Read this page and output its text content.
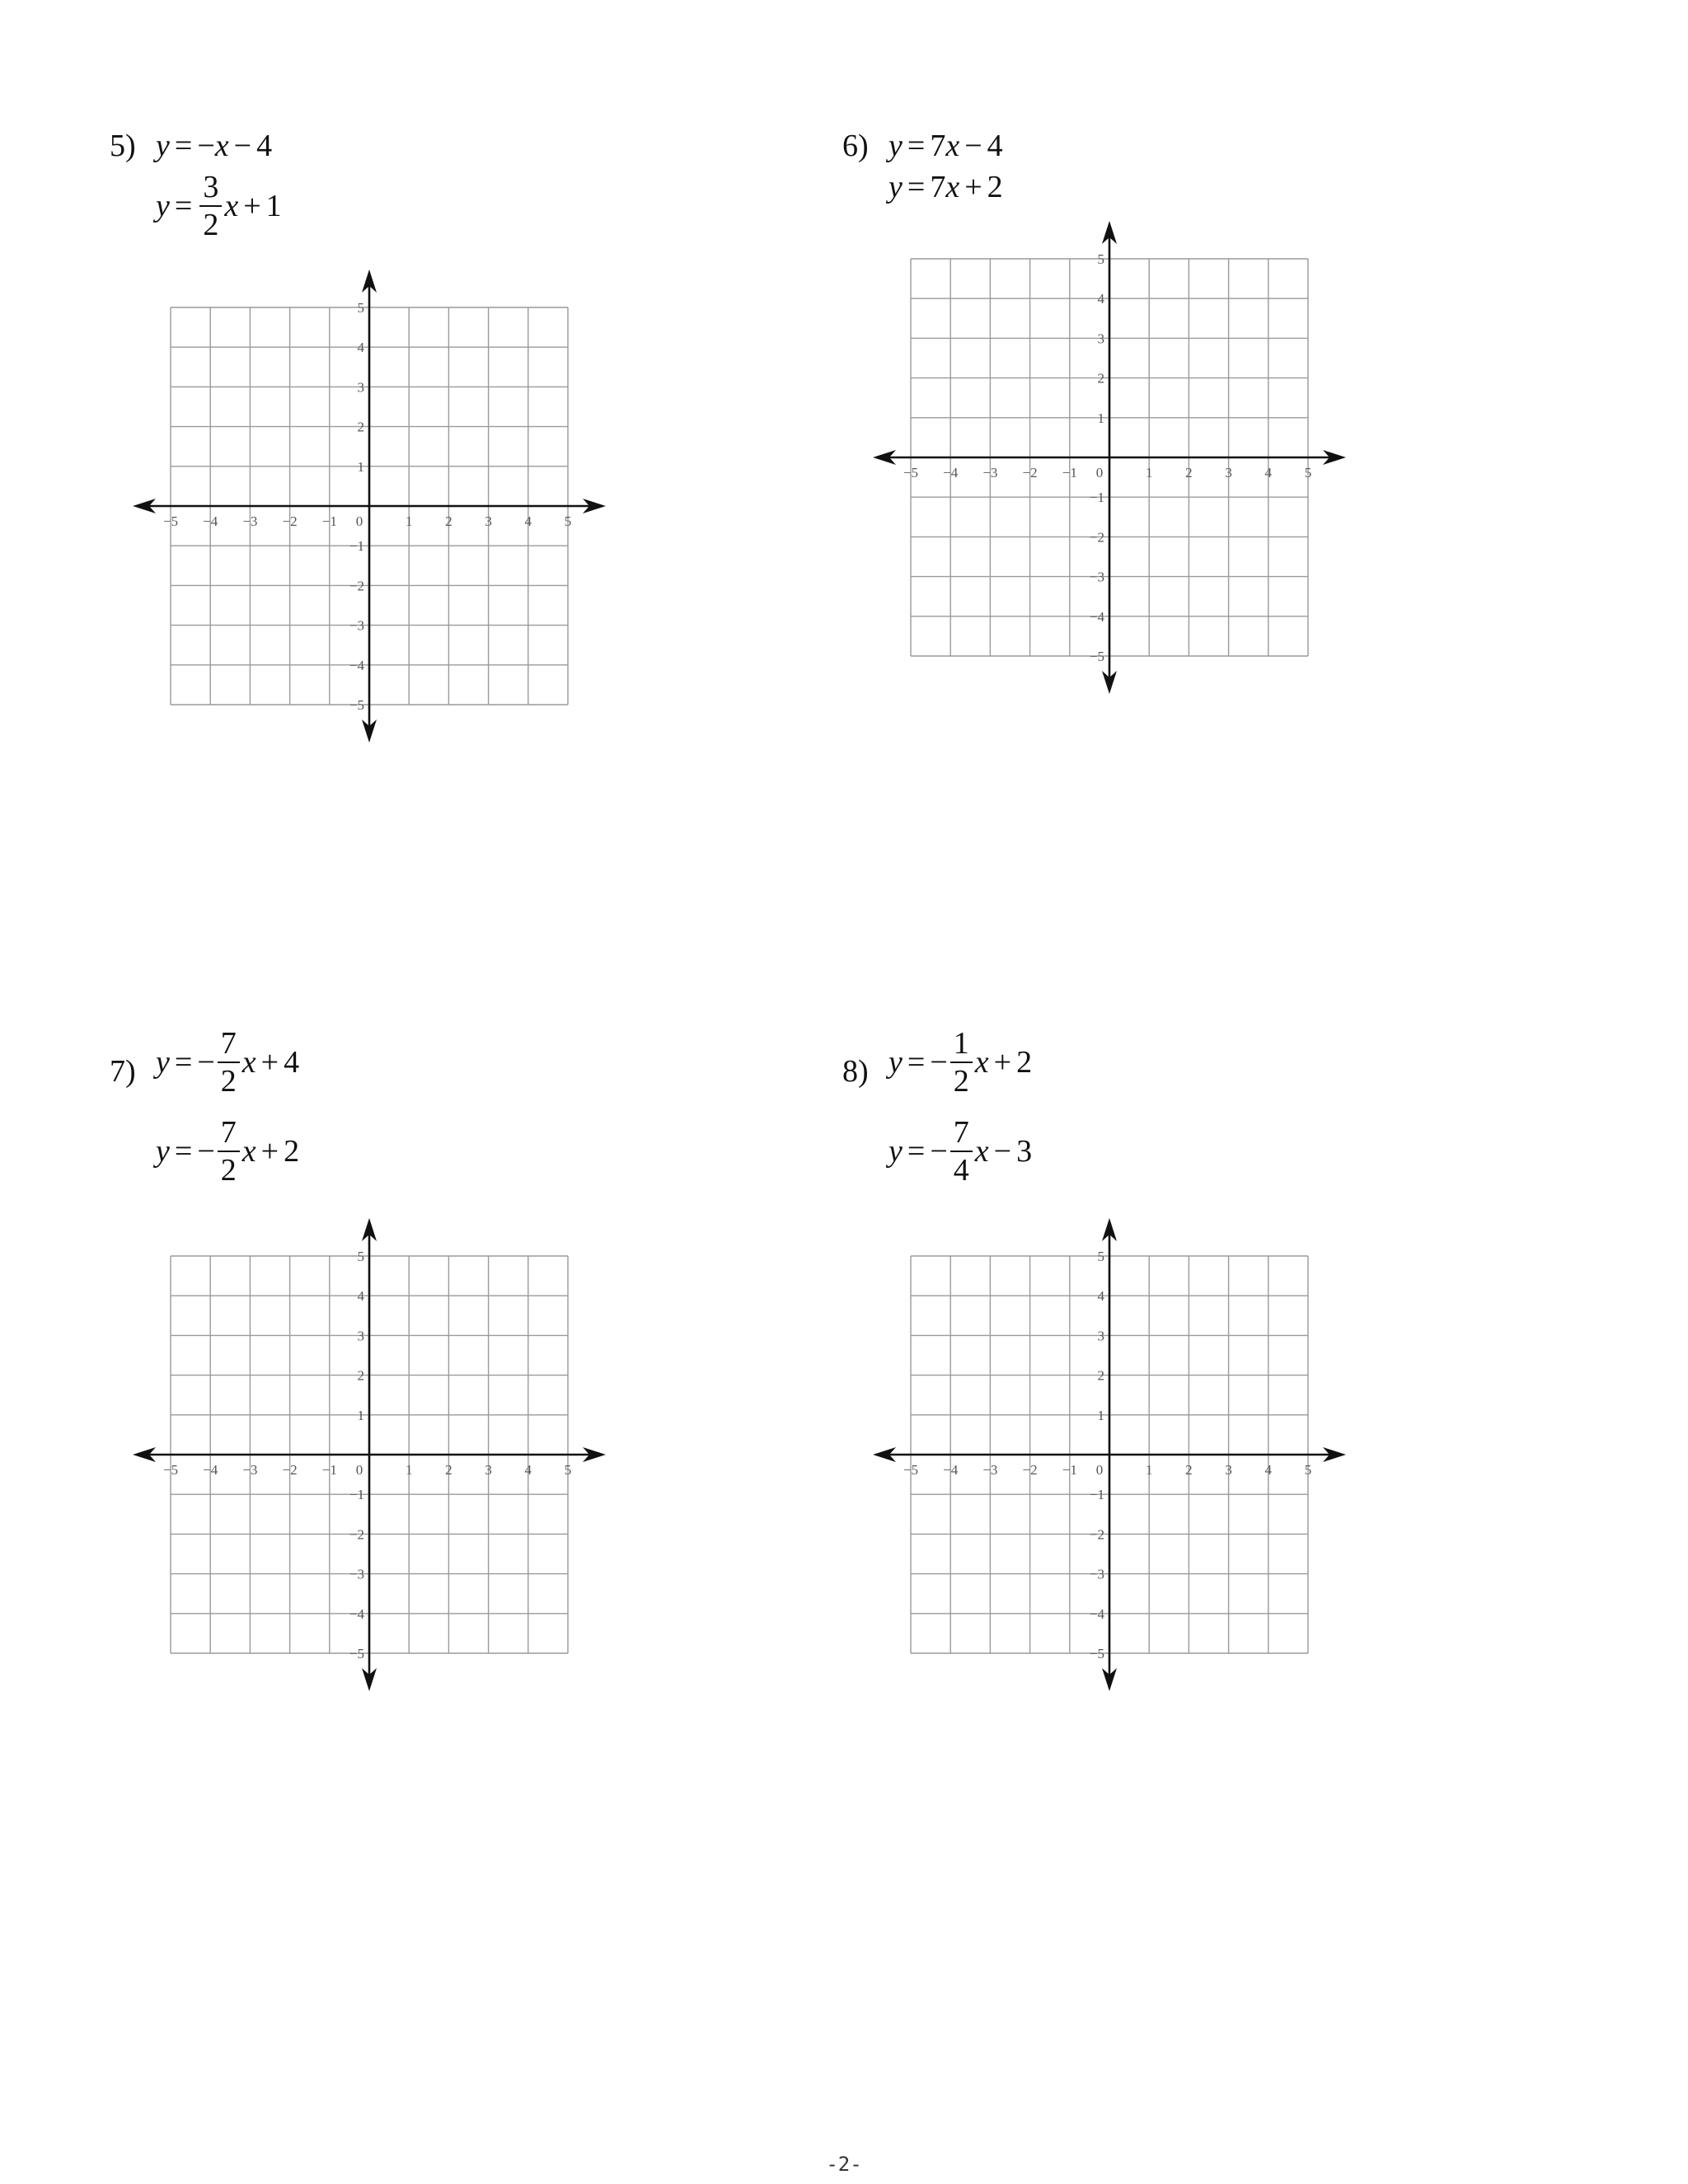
5) y = − x − 4
$y = \frac{3}{2}$ x + 1
6) y = 7 x − 4
y = 7 x + 2
7) y = − $\frac{7}{2}$ x + 4
y = − $\frac{7}{2}$ x + 2
8) y = − $\frac{1}{2}$ x + 2
y = − $\frac{7}{4}$ x − 3
−5 −4 −3 −2 −1 0	1 2 3 4 5
5
4
3
2
1
−1
−2
−3
−4
−5
−5 −4 −3 −2 −1 0	1 2 3 4 5
5
4
3
2
1
−1
−2
−3
−4
−5
−5 −4 −3 −2 −1 0	1 2 3 4 5
5
4
3
2
1
−1
−2
−3
−4
−5
−5 −4 −3 −2 −1 0	1 2 3 4 5
5
4
3
2
1
−1
−2
−3
−4
−5
-2-
